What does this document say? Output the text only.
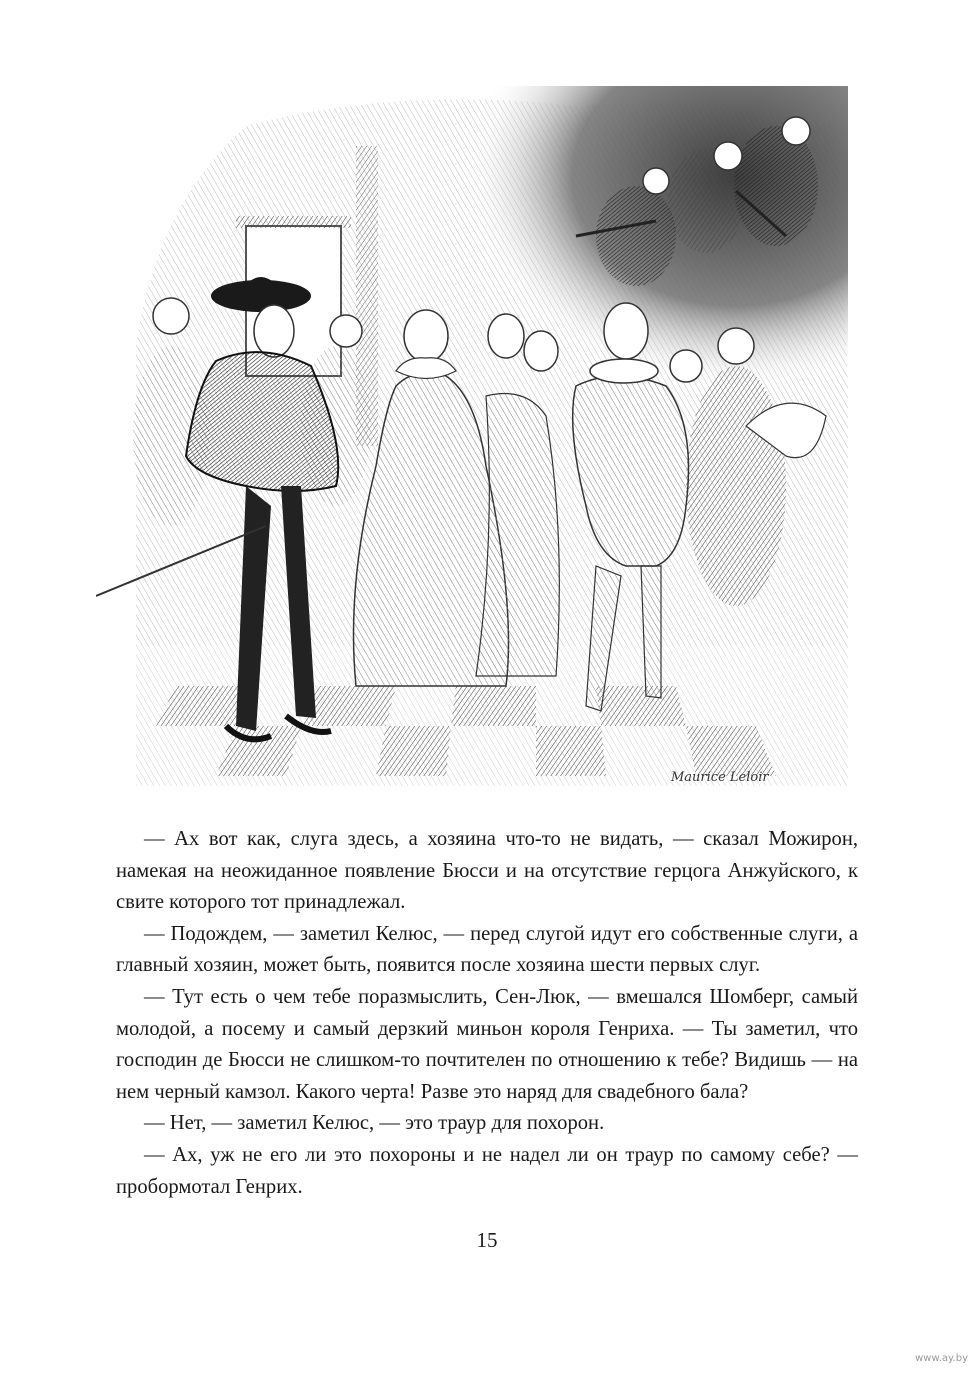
Maurice Leloir

— Ах вот как, слуга здесь, а хозяина что-то не видать, — сказал Можирон, намекая на неожиданное появление Бюсси и на отсутствие герцога Анжуйского, к свите которого тот принадлежал.

— Подождем, — заметил Келюс, — перед слугой идут его собственные слуги, а главный хозяин, может быть, появится после хозяина шести первых слуг.

— Тут есть о чем тебе поразмыслить, Сен-Люк, — вмешался Шомберг, самый молодой, а посему и самый дерзкий миньон короля Генриха. — Ты заметил, что господин де Бюсси не слишком-то почтителен по отношению к тебе? Видишь — на нем черный камзол. Какого черта! Разве это наряд для свадебного бала?

— Нет, — заметил Келюс, — это траур для похорон.

— Ах, уж не его ли это похороны и не надел ли он траур по самому себе? — пробормотал Генрих.

15
www.ay.by
